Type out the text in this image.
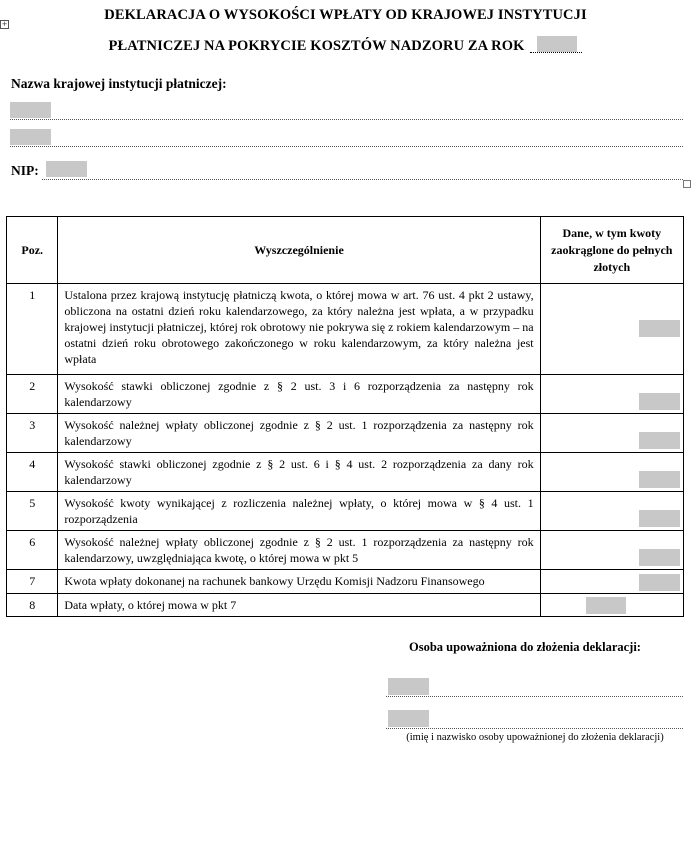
+
DEKLARACJA O WYSOKOŚCI WPŁATY OD KRAJOWEJ INSTYTUCJI
PŁATNICZEJ NA POKRYCIE KOSZTÓW NADZORU ZA ROK
Nazwa krajowej instytucji płatniczej:
NIP:
Poz.	Wyszczególnienie	Dane, w tym kwoty zaokrąglone do pełnych złotych
1	Ustalona przez krajową instytucję płatniczą kwota, o której mowa w art. 76 ust. 4 pkt 2 ustawy, obliczona na ostatni dzień roku kalendarzowego, za który należna jest wpłata, a w przypadku krajowej instytucji płatniczej, której rok obrotowy nie pokrywa się z rokiem kalendarzowym – na ostatni dzień roku obrotowego zakończonego w roku kalendarzowym, za który należna jest wpłata	

2	Wysokość stawki obliczonej zgodnie z § 2 ust. 3 i 6 rozporządzenia za następny rok kalendarzowy	

3	Wysokość należnej wpłaty obliczonej zgodnie z § 2 ust. 1 rozporządzenia za następny rok kalendarzowy	

4	Wysokość stawki obliczonej zgodnie z § 2 ust. 6 i § 4 ust. 2 rozporządzenia za dany rok kalendarzowy	

5	Wysokość kwoty wynikającej z rozliczenia należnej wpłaty, o której mowa w § 4 ust. 1 rozporządzenia	

6	Wysokość należnej wpłaty obliczonej zgodnie z § 2 ust. 1 rozporządzenia za następny rok kalendarzowy, uwzględniająca kwotę, o której mowa w pkt 5	

7	Kwota wpłaty dokonanej na rachunek bankowy Urzędu Komisji Nadzoru Finansowego	

8	Data wpłaty, o której mowa w pkt 7	
Osoba upoważniona do złożenia deklaracji:
(imię i nazwisko osoby upoważnionej do złożenia deklaracji)
